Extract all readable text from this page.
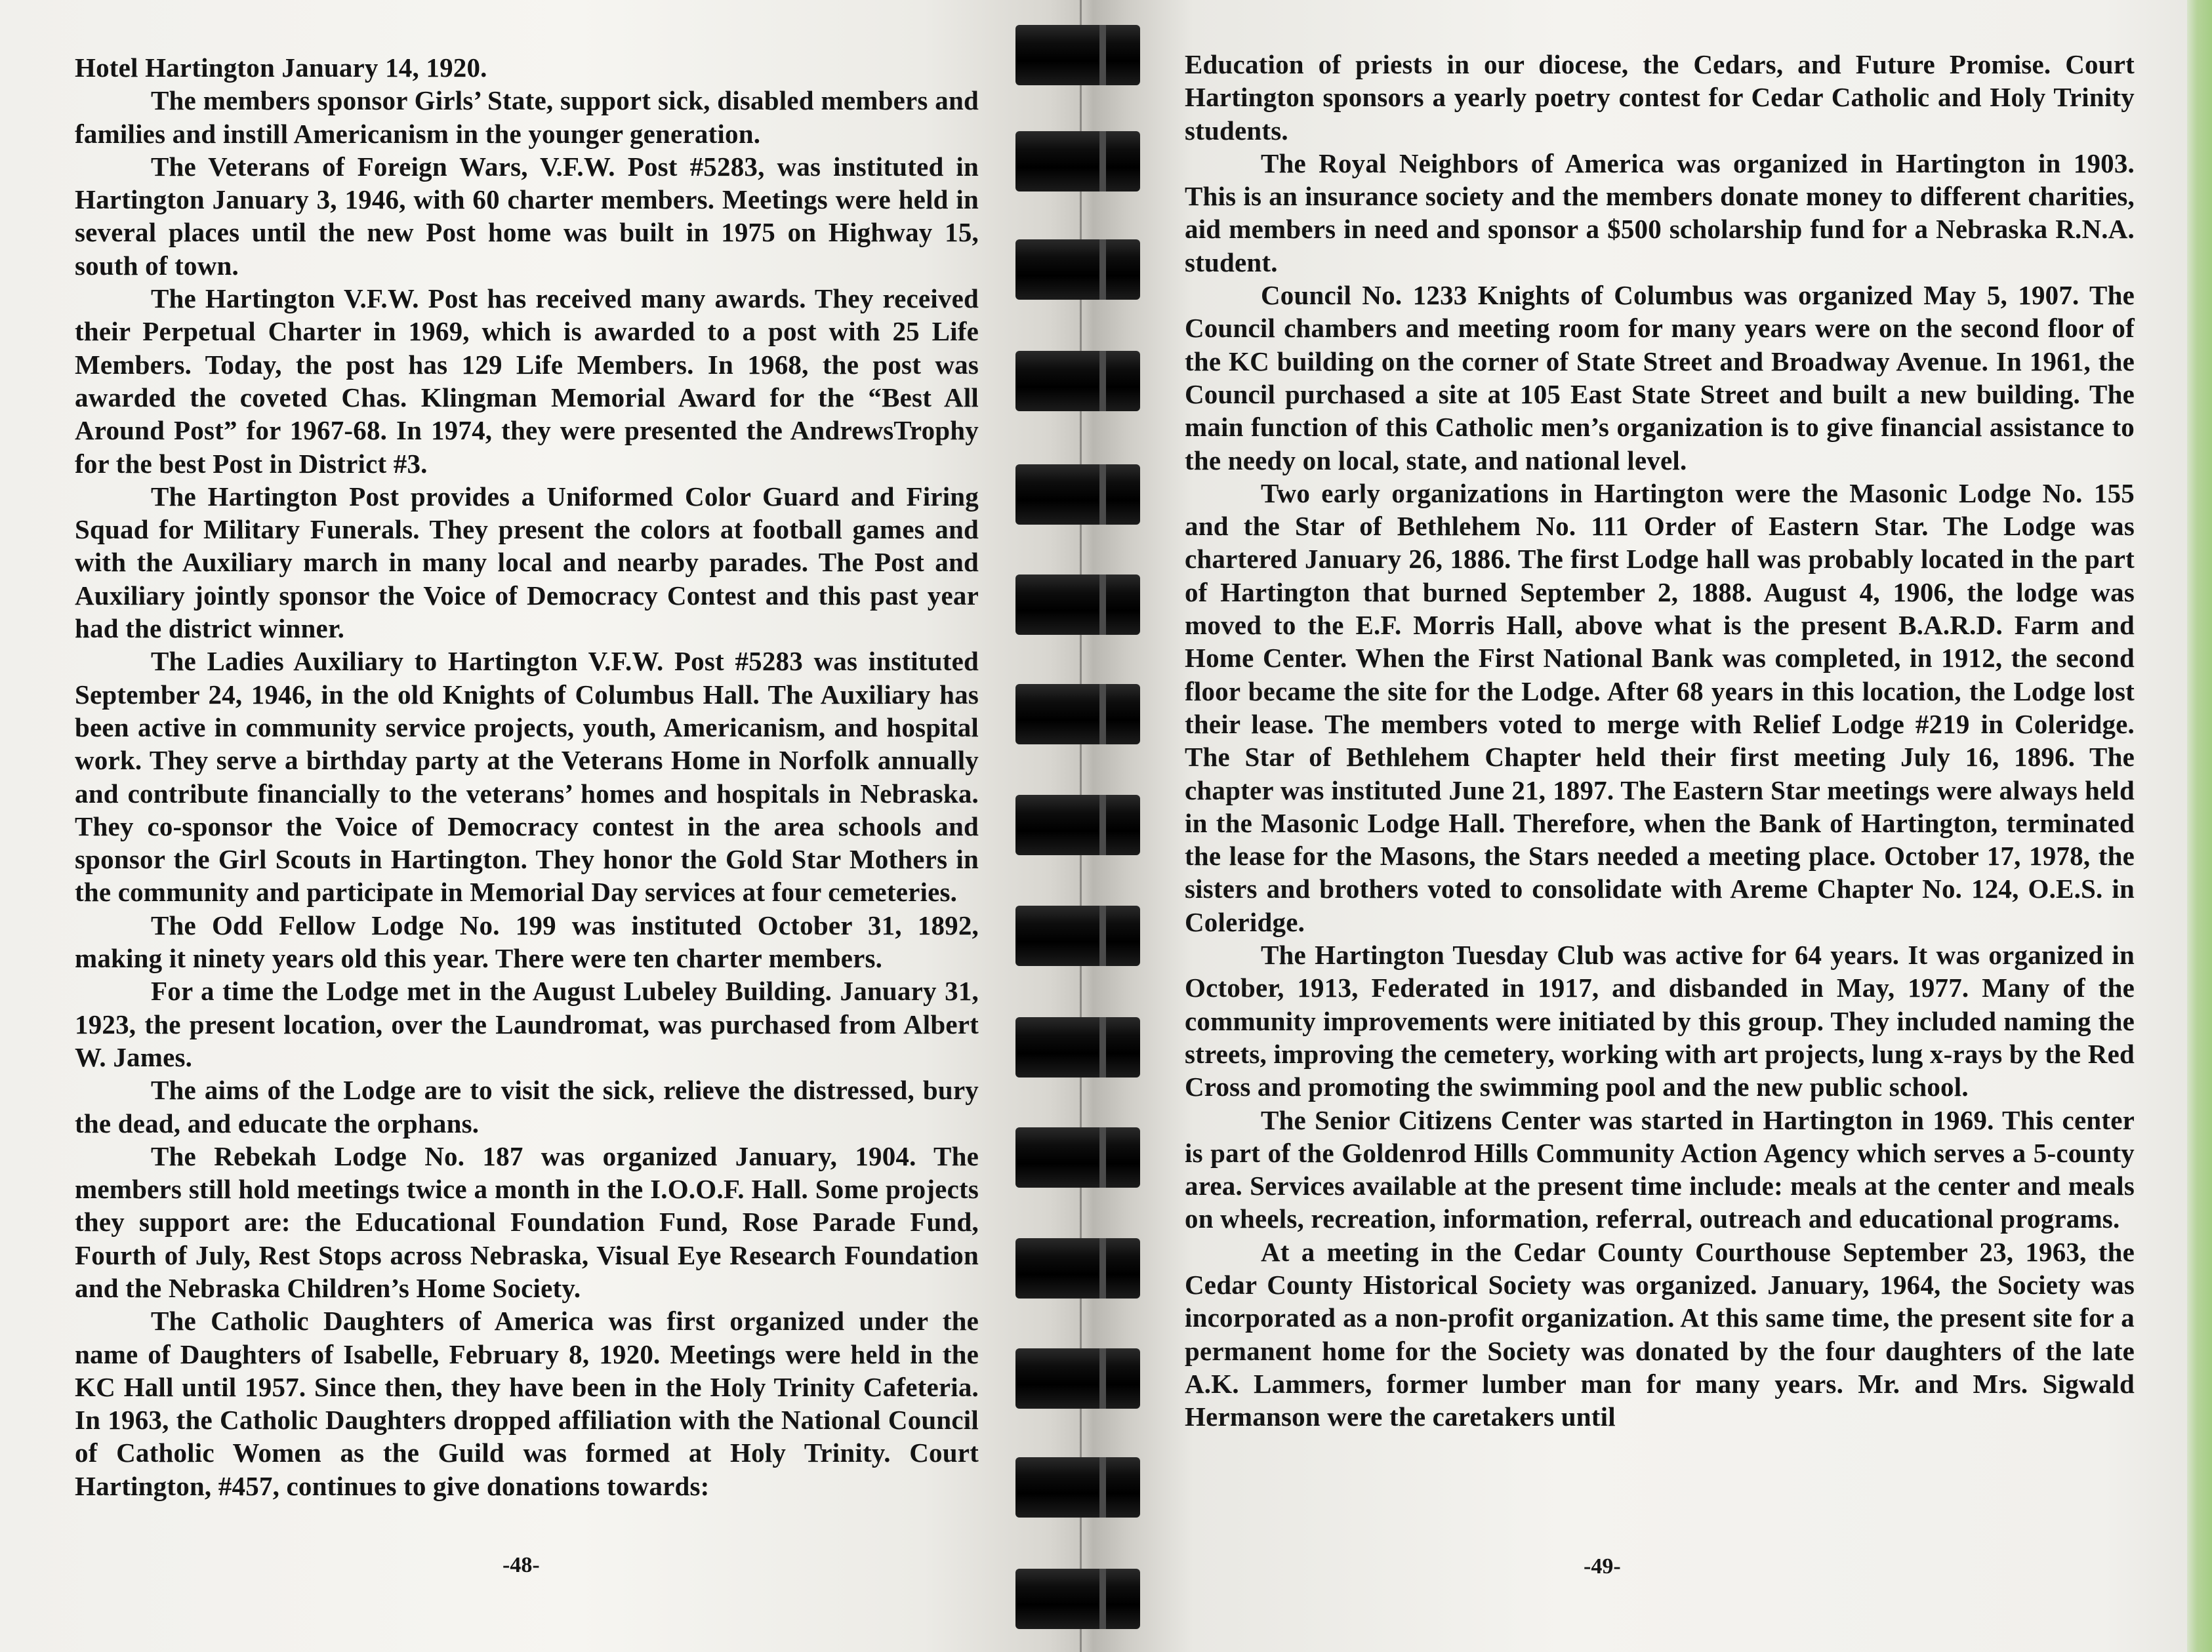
Hotel Hartington January 14, 1920.

The members sponsor Girls’ State, support sick, disabled members and families and instill Americanism in the younger generation.

The Veterans of Foreign Wars, V.F.W. Post #5283, was instituted in Hartington January 3, 1946, with 60 charter members. Meetings were held in several places until the new Post home was built in 1975 on Highway 15, south of town.

The Hartington V.F.W. Post has received many awards. They received their Perpetual Charter in 1969, which is awarded to a post with 25 Life Members. Today, the post has 129 Life Members. In 1968, the post was awarded the coveted Chas. Klingman Memorial Award for the “Best All Around Post” for 1967-68. In 1974, they were presented the AndrewsTrophy for the best Post in District #3.

The Hartington Post provides a Uniformed Color Guard and Firing Squad for Military Funerals. They present the colors at football games and with the Auxiliary march in many local and nearby parades. The Post and Auxiliary jointly sponsor the Voice of Democracy Contest and this past year had the district winner.

The Ladies Auxiliary to Hartington V.F.W. Post #5283 was instituted September 24, 1946, in the old Knights of Columbus Hall. The Auxiliary has been active in community service projects, youth, Americanism, and hospital work. They serve a birthday party at the Veterans Home in Norfolk annually and contribute financially to the veterans’ homes and hospitals in Nebraska. They co-sponsor the Voice of Democracy contest in the area schools and sponsor the Girl Scouts in Hartington. They honor the Gold Star Mothers in the community and participate in Memorial Day services at four cemeteries.

The Odd Fellow Lodge No. 199 was instituted October 31, 1892, making it ninety years old this year. There were ten charter members.

For a time the Lodge met in the August Lubeley Building. January 31, 1923, the present location, over the Laundromat, was purchased from Albert W. James.

The aims of the Lodge are to visit the sick, relieve the distressed, bury the dead, and educate the orphans.

The Rebekah Lodge No. 187 was organized January, 1904. The members still hold meetings twice a month in the I.O.O.F. Hall. Some projects they support are: the Educational Foundation Fund, Rose Parade Fund, Fourth of July, Rest Stops across Nebraska, Visual Eye Research Foundation and the Nebraska Children’s Home Society.

The Catholic Daughters of America was first organized under the name of Daughters of Isabelle, February 8, 1920. Meetings were held in the KC Hall until 1957. Since then, they have been in the Holy Trinity Cafeteria. In 1963, the Catholic Daughters dropped affiliation with the National Council of Catholic Women as the Guild was formed at Holy Trinity. Court Hartington, #457, continues to give donations towards:

-48-

Education of priests in our diocese, the Cedars, and Future Promise. Court Hartington sponsors a yearly poetry contest for Cedar Catholic and Holy Trinity students.

The Royal Neighbors of America was organized in Hartington in 1903. This is an insurance society and the members donate money to different charities, aid members in need and sponsor a $500 scholarship fund for a Nebraska R.N.A. student.

Council No. 1233 Knights of Columbus was organized May 5, 1907. The Council chambers and meeting room for many years were on the second floor of the KC building on the corner of State Street and Broadway Avenue. In 1961, the Council purchased a site at 105 East State Street and built a new building. The main function of this Catholic men’s organization is to give financial assistance to the needy on local, state, and national level.

Two early organizations in Hartington were the Masonic Lodge No. 155 and the Star of Bethlehem No. 111 Order of Eastern Star. The Lodge was chartered January 26, 1886. The first Lodge hall was probably located in the part of Hartington that burned September 2, 1888. August 4, 1906, the lodge was moved to the E.F. Morris Hall, above what is the present B.A.R.D. Farm and Home Center. When the First National Bank was completed, in 1912, the second floor became the site for the Lodge. After 68 years in this location, the Lodge lost their lease. The members voted to merge with Relief Lodge #219 in Coleridge. The Star of Bethlehem Chapter held their first meeting July 16, 1896. The chapter was instituted June 21, 1897. The Eastern Star meetings were always held in the Masonic Lodge Hall. Therefore, when the Bank of Hartington, terminated the lease for the Masons, the Stars needed a meeting place. October 17, 1978, the sisters and brothers voted to consolidate with Areme Chapter No. 124, O.E.S. in Coleridge.

The Hartington Tuesday Club was active for 64 years. It was organized in October, 1913, Federated in 1917, and disbanded in May, 1977. Many of the community improvements were initiated by this group. They included naming the streets, improving the cemetery, working with art projects, lung x-rays by the Red Cross and promoting the swimming pool and the new public school.

The Senior Citizens Center was started in Hartington in 1969. This center is part of the Goldenrod Hills Community Action Agency which serves a 5-county area. Services available at the present time include: meals at the center and meals on wheels, recreation, information, referral, outreach and educational programs.

At a meeting in the Cedar County Courthouse September 23, 1963, the Cedar County Historical Society was organized. January, 1964, the Society was incorporated as a non-profit organization. At this same time, the present site for a permanent home for the Society was donated by the four daughters of the late A.K. Lammers, former lumber man for many years. Mr. and Mrs. Sigwald Hermanson were the caretakers until

-49-
